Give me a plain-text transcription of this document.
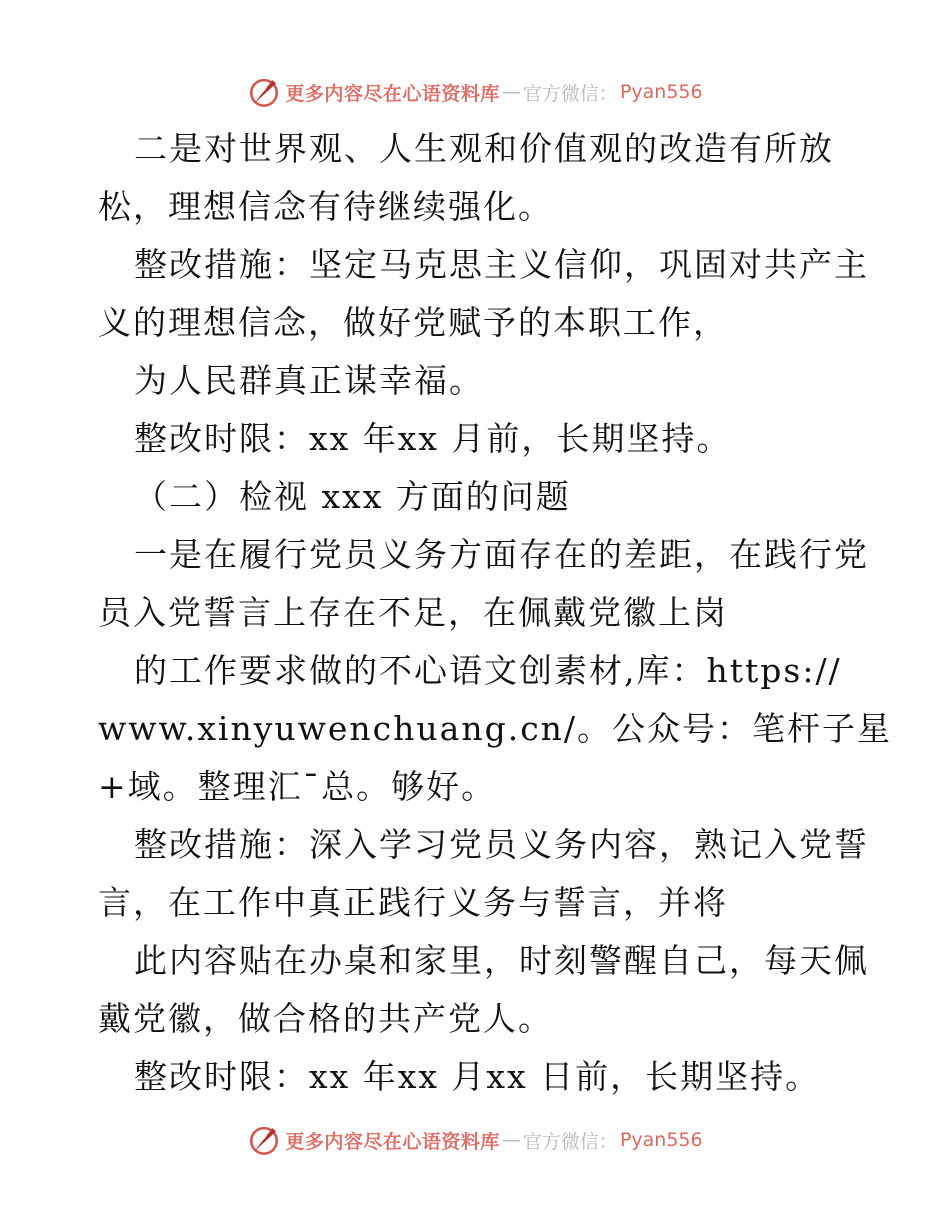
更多内容尽在心语资料库 — 官方微信： Pyan556
二是对世界观、人生观和价值观的改造有所放
松，理想信念有待继续强化。
整改措施：坚定马克思主义信仰，巩固对共产主
义的理想信念，做好党赋予的本职工作，
为人民群真正谋幸福。
整改时限：xx 年xx 月前，长期坚持。
（二）检视 xxx 方面的问题
一是在履行党员义务方面存在的差距，在践行党
员入党誓言上存在不足，在佩戴党徽上岗
的工作要求做的不心语文创素材,库：https://
www.xinyuwenchuang.cn/。公众号：笔杆子星
+域。整理汇¯总。够好。
整改措施：深入学习党员义务内容，熟记入党誓
言，在工作中真正践行义务与誓言，并将
此内容贴在办桌和家里，时刻警醒自己，每天佩
戴党徽，做合格的共产党人。
整改时限：xx 年xx 月xx 日前，长期坚持。
更多内容尽在心语资料库 — 官方微信： Pyan556
